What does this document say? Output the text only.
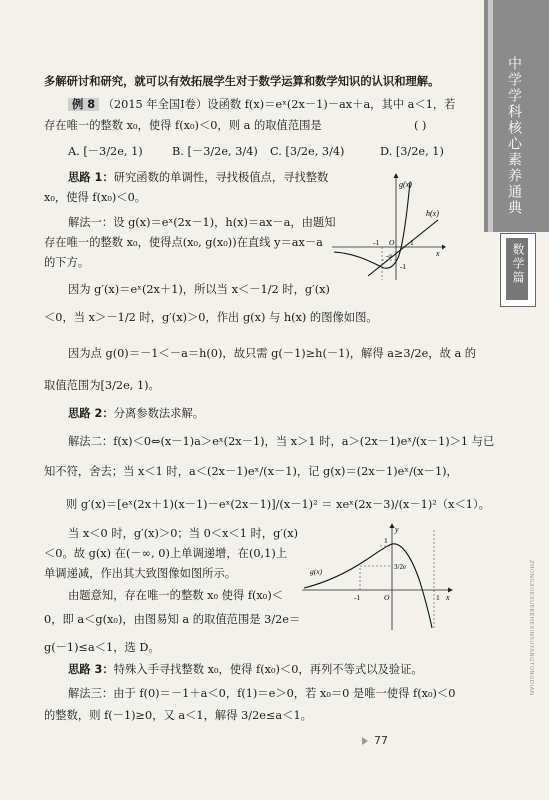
中学学科核心素养通典
数学篇
ZHONGXUEXUEKEHEXINSUYANGTONGDIAN
多解研讨和研究，就可以有效拓展学生对于数学运算和数学知识的认识和理解。
例 8 （2015 年全国Ⅰ卷）设函数 f(x)＝eˣ(2x－1)－ax＋a，其中 a＜1，若
存在唯一的整数 x₀，使得 f(x₀)＜0，则 a 的取值范围是	( )
A. [－3/2e, 1)	B. [－3/2e, 3/4) C. [3/2e, 3/4)	D. [3/2e, 1)
思路 1：研究函数的单调性，寻找极值点，寻找整数
x₀，使得 f(x₀)＜0。
解法一：设 g(x)＝eˣ(2x－1)，h(x)＝ax－a，由题知
存在唯一的整数 x₀，使得点(x₀, g(x₀))在直线 y＝ax－a
的下方。
因为 g′(x)＝eˣ(2x＋1)，所以当 x＜－1/2 时，g′(x)
＜0，当 x＞－1/2 时，g′(x)＞0，作出 g(x) 与 h(x) 的图像如图。
因为点 g(0)＝－1＜－a＝h(0)，故只需 g(－1)≥h(－1)，解得 a≥3/2e，故 a 的
取值范围为[3/2e, 1)。
思路 2：分离参数法求解。
解法二：f(x)＜0⇔(x－1)a＞eˣ(2x－1)，当 x＞1 时，a＞(2x－1)eˣ/(x－1)＞1 与已
知不符，舍去；当 x＜1 时，a＜(2x－1)eˣ/(x－1)，记 g(x)＝(2x－1)eˣ/(x－1)，
则 g′(x)＝[eˣ(2x＋1)(x－1)－eˣ(2x－1)]/(x－1)² ＝ xeˣ(2x－3)/(x－1)²（x＜1）。
当 x＜0 时，g′(x)＞0；当 0＜x＜1 时，g′(x)
＜0。故 g(x) 在(－∞, 0)上单调递增，在(0,1)上
单调递减，作出其大致图像如图所示。
由题意知，存在唯一的整数 x₀ 使得 f(x₀)＜
0，即 a＜g(x₀)，由图易知 a 的取值范围是 3/2e＝
g(－1)≤a＜1，选 D。
思路 3：特殊入手寻找整数 x₀，使得 f(x₀)＜0，再列不等式以及验证。
解法三：由于 f(0)＝－1＋a＜0，f(1)＝e＞0，若 x₀＝0 是唯一使得 f(x₀)＜0
的整数，则 f(－1)≥0，又 a＜1，解得 3/2e≤a＜1。
g(x)
h(x)
-1 O 1
-a
-1
x
g(x)
y
1
3/2e
-1	O	1 x
77
